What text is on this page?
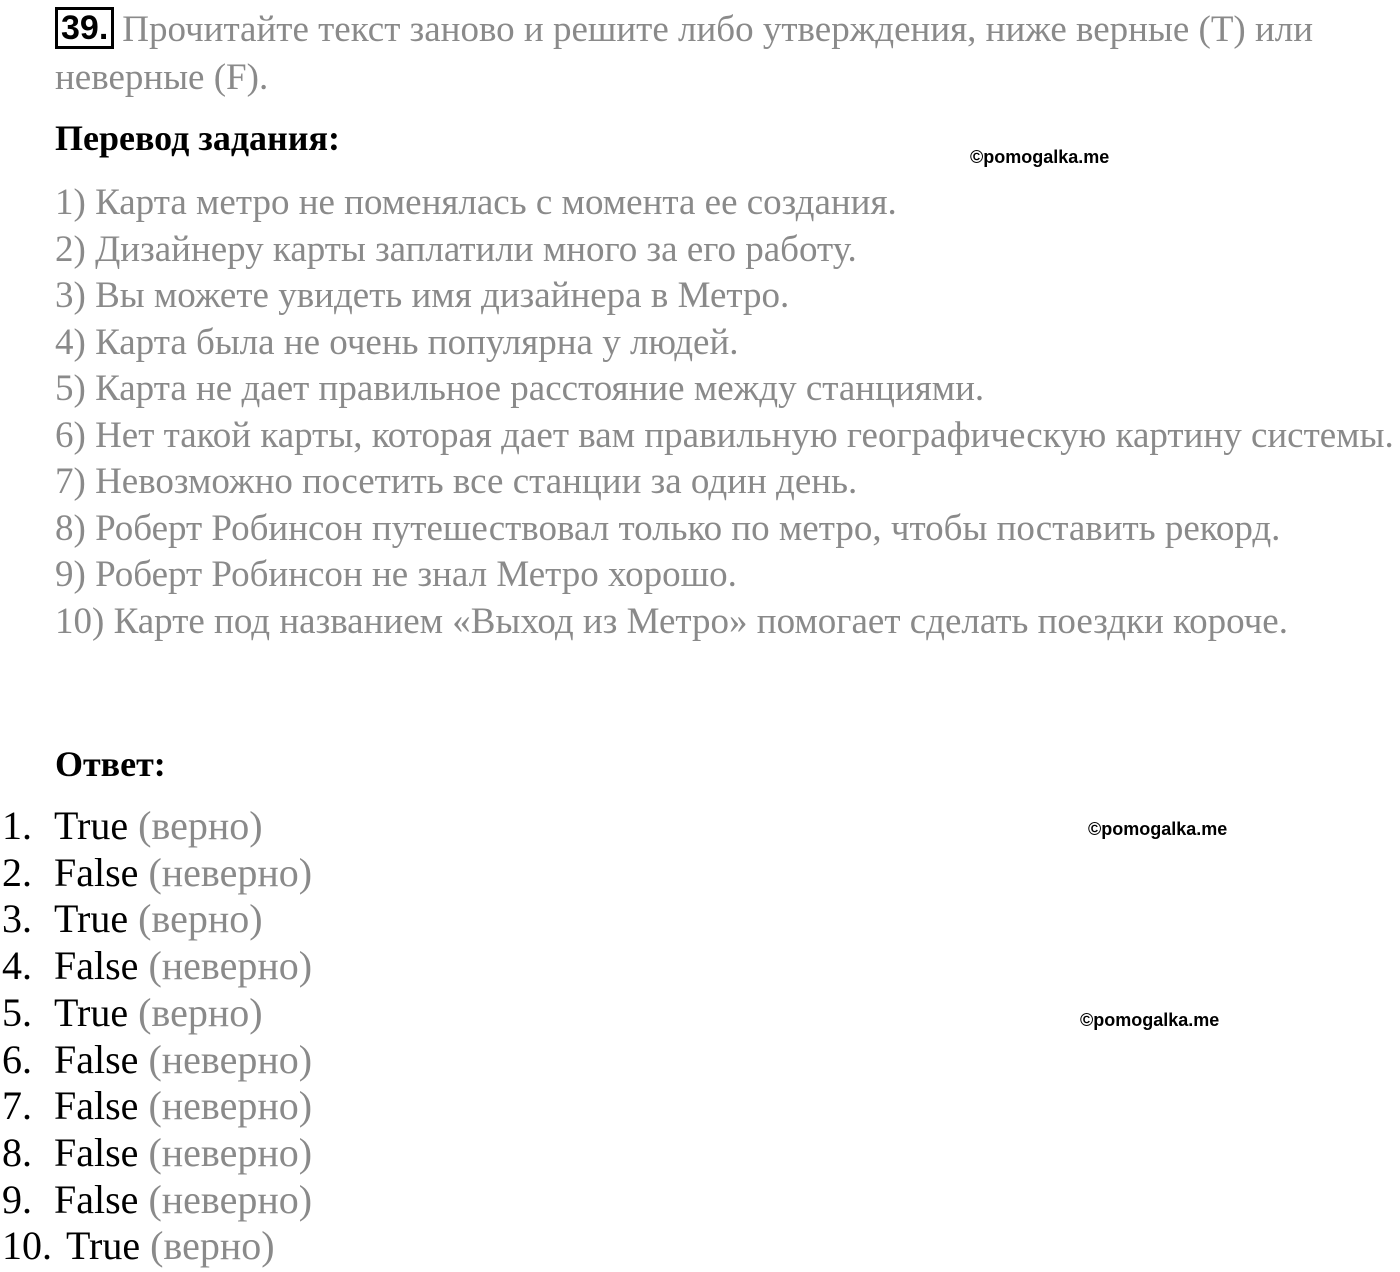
39. Прочитайте текст заново и решите либо утверждения, ниже верные (T) или неверные (F).
Перевод задания:	©pomogalka.me
1) Карта метро не поменялась с момента ее создания.
2) Дизайнеру карты заплатили много за его работу.
3) Вы можете увидеть имя дизайнера в Метро.
4) Карта была не очень популярна у людей.
5) Карта не дает правильное расстояние между станциями.
6) Нет такой карты, которая дает вам правильную географическую картину системы.
7) Невозможно посетить все станции за один день.
8) Роберт Робинсон путешествовал только по метро, чтобы поставить рекорд.
9) Роберт Робинсон не знал Метро хорошо.
10) Карте под названием «Выход из Метро» помогает сделать поездки короче.
Ответ:
©pomogalka.me
©pomogalka.me
1. True (верно)
2. False (неверно)
3. True (верно)
4. False (неверно)
5. True (верно)
6. False (неверно)
7. False (неверно)
8. False (неверно)
9. False (неверно)
10. True (верно)
